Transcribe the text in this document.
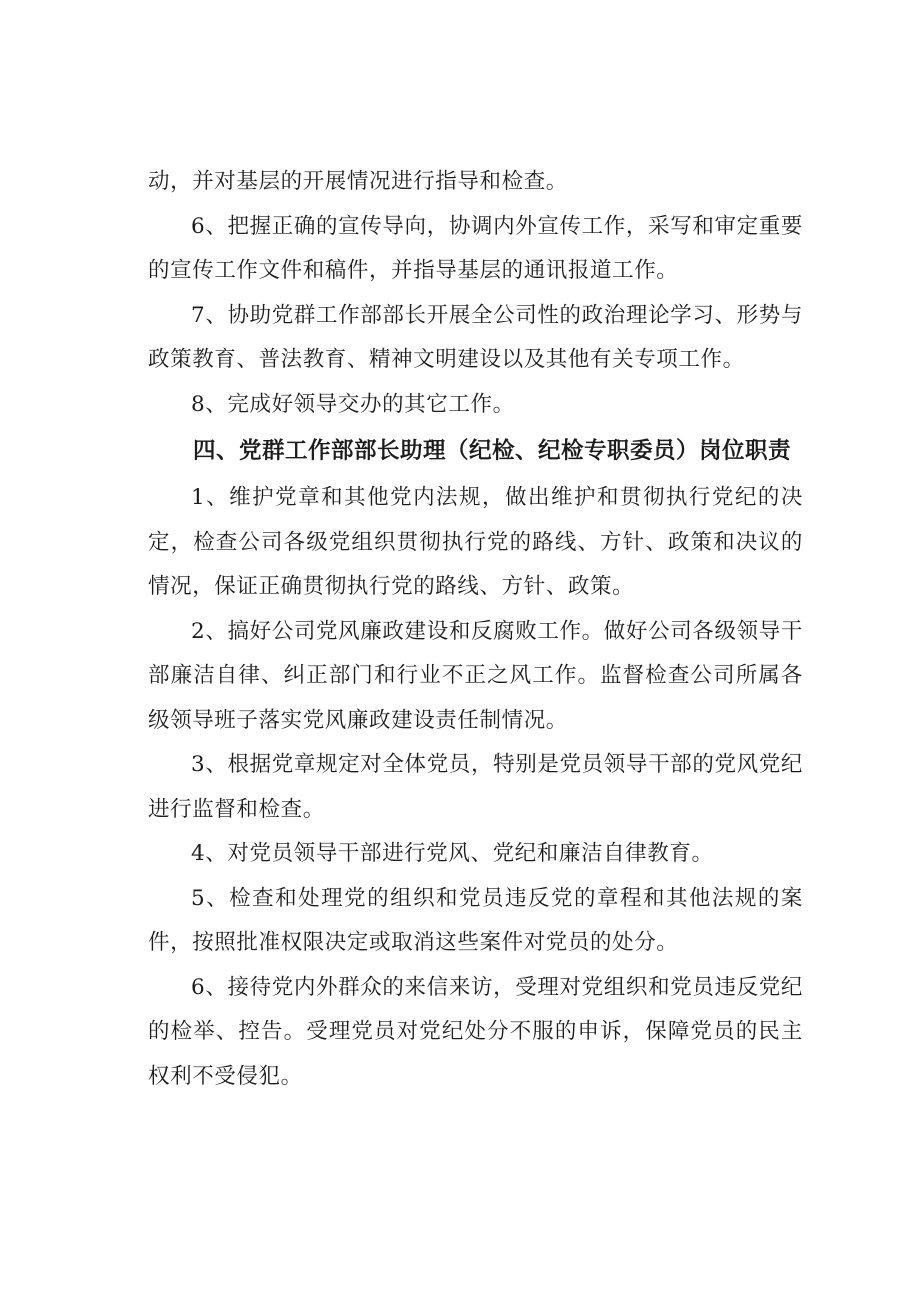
动，并对基层的开展情况进行指导和检查。

6、把握正确的宣传导向，协调内外宣传工作，采写和审定重要的宣传工作文件和稿件，并指导基层的通讯报道工作。

7、协助党群工作部部长开展全公司性的政治理论学习、形势与政策教育、普法教育、精神文明建设以及其他有关专项工作。

8、完成好领导交办的其它工作。

四、党群工作部部长助理（纪检、纪检专职委员）岗位职责

1、维护党章和其他党内法规，做出维护和贯彻执行党纪的决定，检查公司各级党组织贯彻执行党的路线、方针、政策和决议的情况，保证正确贯彻执行党的路线、方针、政策。

2、搞好公司党风廉政建设和反腐败工作。做好公司各级领导干部廉洁自律、纠正部门和行业不正之风工作。监督检查公司所属各级领导班子落实党风廉政建设责任制情况。

3、根据党章规定对全体党员，特别是党员领导干部的党风党纪进行监督和检查。

4、对党员领导干部进行党风、党纪和廉洁自律教育。

5、检查和处理党的组织和党员违反党的章程和其他法规的案件，按照批准权限决定或取消这些案件对党员的处分。

6、接待党内外群众的来信来访，受理对党组织和党员违反党纪的检举、控告。受理党员对党纪处分不服的申诉，保障党员的民主权利不受侵犯。
